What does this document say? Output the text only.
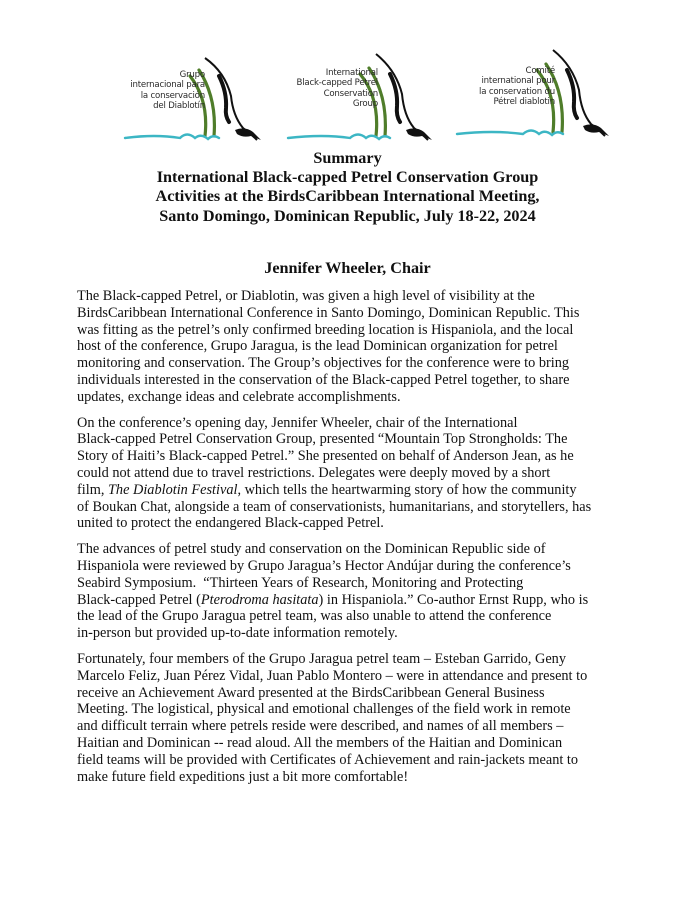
Grupo
internacional para
la conservación
del Diablotín
International
Black-capped Petrel
Conservation
Group
Comité
international pour
la conservation du
Pétrel diablotin
Summary
International Black-capped Petrel Conservation Group
Activities at the BirdsCaribbean International Meeting,
Santo Domingo, Dominican Republic, July 18-22, 2024
Jennifer Wheeler, Chair

The Black-capped Petrel, or Diablotin, was given a high level of visibility at the
BirdsCaribbean International Conference in Santo Domingo, Dominican Republic. This
was fitting as the petrel’s only confirmed breeding location is Hispaniola, and the local
host of the conference, Grupo Jaragua, is the lead Dominican organization for petrel
monitoring and conservation. The Group’s objectives for the conference were to bring
individuals interested in the conservation of the Black-capped Petrel together, to share
updates, exchange ideas and celebrate accomplishments.

On the conference’s opening day, Jennifer Wheeler, chair of the International
Black-capped Petrel Conservation Group, presented “Mountain Top Strongholds: The
Story of Haiti’s Black-capped Petrel.” She presented on behalf of Anderson Jean, as he
could not attend due to travel restrictions. Delegates were deeply moved by a short
film, The Diablotin Festival, which tells the heartwarming story of how the community
of Boukan Chat, alongside a team of conservationists, humanitarians, and storytellers, has
united to protect the endangered Black-capped Petrel.

The advances of petrel study and conservation on the Dominican Republic side of
Hispaniola were reviewed by Grupo Jaragua’s Hector Andújar during the conference’s
Seabird Symposium.  “Thirteen Years of Research, Monitoring and Protecting
Black-capped Petrel (Pterodroma hasitata) in Hispaniola.” Co-author Ernst Rupp, who is
the lead of the Grupo Jaragua petrel team, was also unable to attend the conference
in-person but provided up-to-date information remotely.

Fortunately, four members of the Grupo Jaragua petrel team – Esteban Garrido, Geny
Marcelo Feliz, Juan Pérez Vidal, Juan Pablo Montero – were in attendance and present to
receive an Achievement Award presented at the BirdsCaribbean General Business
Meeting. The logistical, physical and emotional challenges of the field work in remote
and difficult terrain where petrels reside were described, and names of all members –
Haitian and Dominican -- read aloud. All the members of the Haitian and Dominican
field teams will be provided with Certificates of Achievement and rain-jackets meant to
make future field expeditions just a bit more comfortable!
